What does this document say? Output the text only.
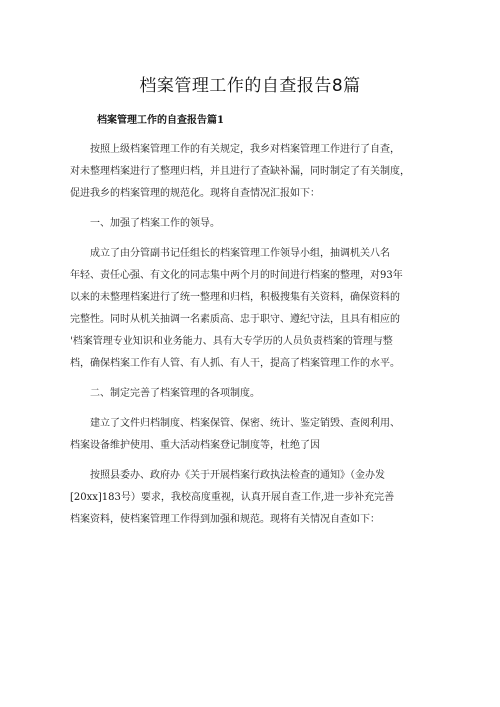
档案管理工作的自查报告8篇
档案管理工作的自查报告篇1

按照上级档案管理工作的有关规定，我乡对档案管理工作进行了自查，
对未整理档案进行了整理归档，并且进行了查缺补漏，同时制定了有关制度，
促进我乡的档案管理的规范化。现将自查情况汇报如下：

一、加强了档案工作的领导。

成立了由分管副书记任组长的档案管理工作领导小组，抽调机关八名
年轻、责任心强、有文化的同志集中两个月的时间进行档案的整理，对93年
以来的未整理档案进行了统一整理和归档，积极搜集有关资料，确保资料的
完整性。同时从机关抽调一名素质高、忠于职守、遵纪守法，且具有相应的
'档案管理专业知识和业务能力、具有大专学历的人员负责档案的管理与整
档，确保档案工作有人管、有人抓、有人干，提高了档案管理工作的水平。

二、制定完善了档案管理的各项制度。

建立了文件归档制度、档案保管、保密、统计、鉴定销毁、查阅利用、
档案设备维护使用、重大活动档案登记制度等，杜绝了因

按照县委办、政府办《关于开展档案行政执法检查的通知》（金办发
[20xx]183号）要求，我校高度重视，认真开展自查工作,进一步补充完善
档案资料，使档案管理工作得到加强和规范。现将有关情况自查如下：
